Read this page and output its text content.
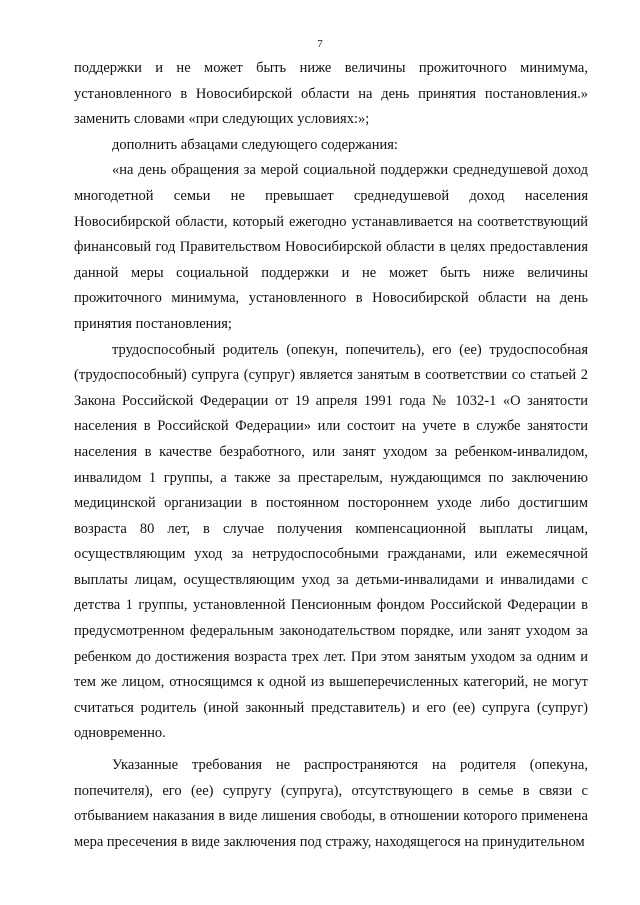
7

поддержки и не может быть ниже величины прожиточного минимума, установленного в Новосибирской области на день принятия постановления.» заменить словами «при следующих условиях:»;

дополнить абзацами следующего содержания:

«на день обращения за мерой социальной поддержки среднедушевой доход многодетной семьи не превышает среднедушевой доход населения Новосибирской области, который ежегодно устанавливается на соответствующий финансовый год Правительством Новосибирской области в целях предоставления данной меры социальной поддержки и не может быть ниже величины прожиточного минимума, установленного в Новосибирской области на день принятия постановления;

трудоспособный родитель (опекун, попечитель), его (ее) трудоспособная (трудоспособный) супруга (супруг) является занятым в соответствии со статьей 2 Закона Российской Федерации от 19 апреля 1991 года № 1032-1 «О занятости населения в Российской Федерации» или состоит на учете в службе занятости населения в качестве безработного, или занят уходом за ребенком-инвалидом, инвалидом 1 группы, а также за престарелым, нуждающимся по заключению медицинской организации в постоянном постороннем уходе либо достигшим возраста 80 лет, в случае получения компенсационной выплаты лицам, осуществляющим уход за нетрудоспособными гражданами, или ежемесячной выплаты лицам, осуществляющим уход за детьми-инвалидами и инвалидами с детства 1 группы, установленной Пенсионным фондом Российской Федерации в предусмотренном федеральным законодательством порядке, или занят уходом за ребенком до достижения возраста трех лет. При этом занятым уходом за одним и тем же лицом, относящимся к одной из вышеперечисленных категорий, не могут считаться родитель (иной законный представитель) и его (ее) супруга (супруг) одновременно.

Указанные требования не распространяются на родителя (опекуна, попечителя), его (ее) супругу (супруга), отсутствующего в семье в связи с отбыванием наказания в виде лишения свободы, в отношении которого применена мера пресечения в виде заключения под стражу, находящегося на принудительном
